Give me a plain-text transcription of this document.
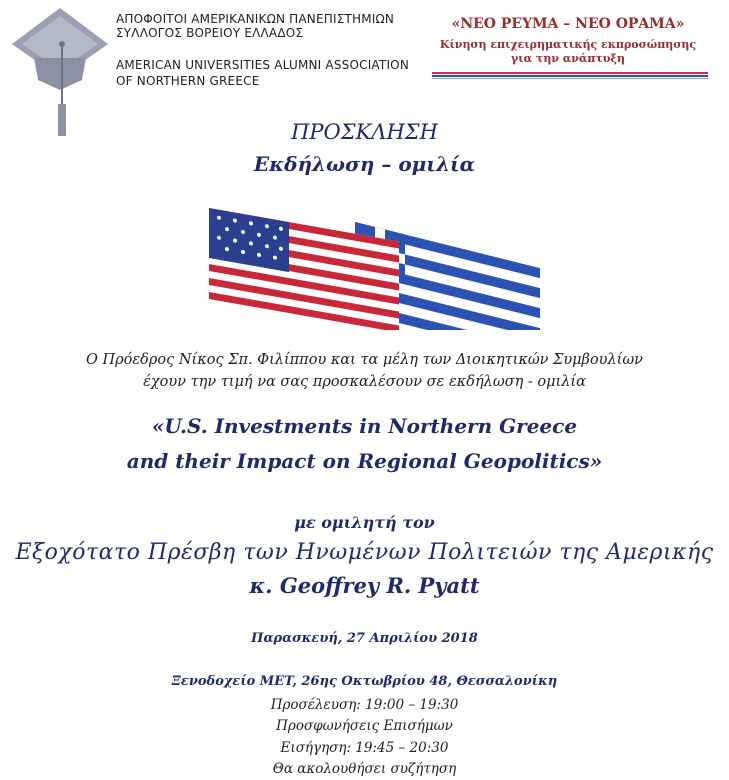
ΑΠΟΦΟΙΤΟΙ ΑΜΕΡΙΚΑΝΙΚΩΝ ΠΑΝΕΠΙΣΤΗΜΙΩΝ
ΣΥΛΛΟΓΟΣ ΒΟΡΕΙΟΥ ΕΛΛΑΔΟΣ
AMERICAN UNIVERSITIES ALUMNI ASSOCIATION
OF NORTHERN GREECE
«ΝΕΟ ΡΕΥΜΑ – ΝΕΟ ΟΡΑΜΑ»
Κίνηση επιχειρηματικής εκπροσώπησης
για την ανάπτυξη
ΠΡΟΣΚΛΗΣΗ
Εκδήλωση – ομιλία
Ο Πρόεδρος Νίκος Σπ. Φιλίππου και τα μέλη των Διοικητικών Συμβουλίων
έχουν την τιμή να σας προσκαλέσουν σε εκδήλωση - ομιλία
«U.S. Investments in Northern Greece
and their Impact on Regional Geopolitics»
με ομιλητή τον
Εξοχότατο Πρέσβη των Ηνωμένων Πολιτειών της Αμερικής
κ. Geoffrey R. Pyatt
Παρασκευή, 27 Απριλίου 2018
Ξενοδοχείο MET, 26ης Οκτωβρίου 48, Θεσσαλονίκη
Προσέλευση: 19:00 – 19:30
Προσφωνήσεις Επισήμων
Εισήγηση: 19:45 – 20:30
Θα ακολουθήσει συζήτηση
